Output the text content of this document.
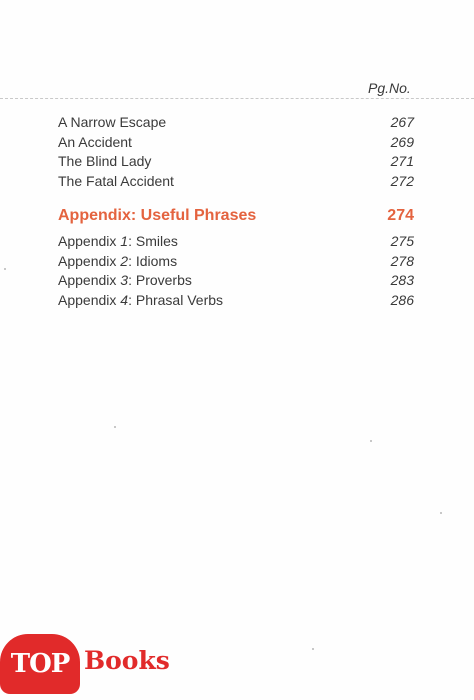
Pg.No.
A Narrow Escape	267
An Accident	269
The Blind Lady	271
The Fatal Accident	272
Appendix: Useful Phrases	274
Appendix 1: Smiles	275
Appendix 2: Idioms	278
Appendix 3: Proverbs	283
Appendix 4: Phrasal Verbs	286
TOP Books
